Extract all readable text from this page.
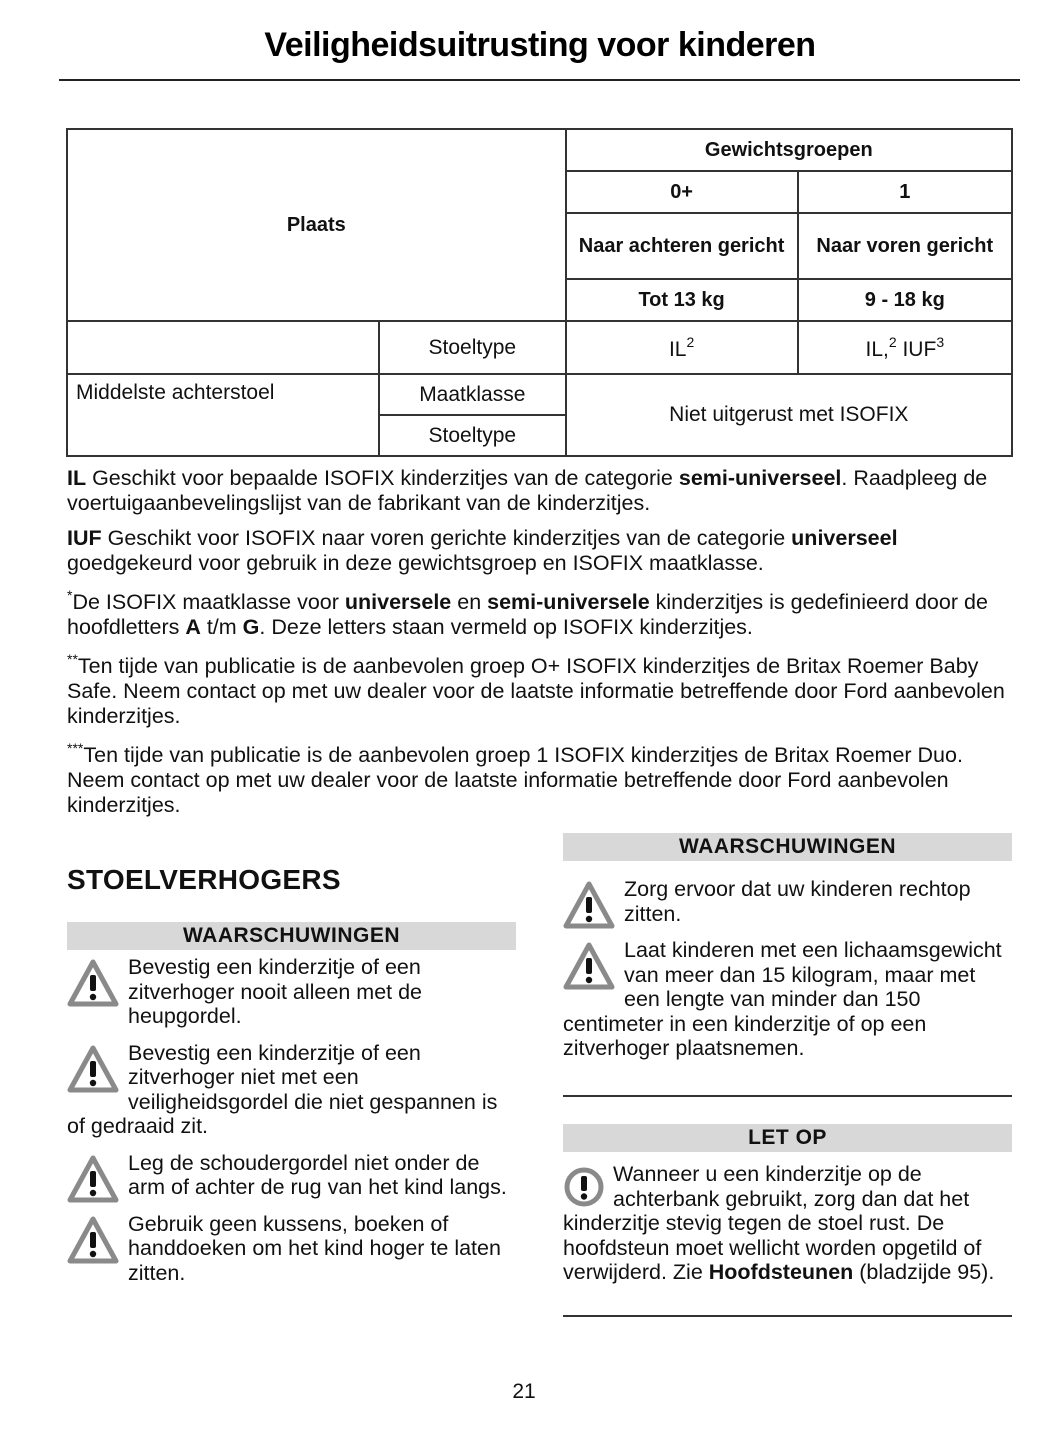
Veiligheidsuitrusting voor kinderen
Plaats		Gewichtsgroepen	
		0+	1
		Naar achteren gericht	Naar voren gericht
		Tot 13 kg	9 - 18 kg
	Stoeltype	$IL^2$	IL,$^2$ IUF$^3$
Middelste achterstoel	Maatklasse	Niet uitgerust met ISOFIX	
	Stoeltype		

IL Geschikt voor bepaalde ISOFIX kinderzitjes van de categorie semi-universeel. Raadpleeg de voertuigaanbevelingslijst van de fabrikant van de kinderzitjes.

IUF Geschikt voor ISOFIX naar voren gerichte kinderzitjes van de categorie universeel goedgekeurd voor gebruik in deze gewichtsgroep en ISOFIX maatklasse.

*De ISOFIX maatklasse voor universele en semi-universele kinderzitjes is gedefinieerd door de hoofdletters A t/m G. Deze letters staan vermeld op ISOFIX kinderzitjes.

**Ten tijde van publicatie is de aanbevolen groep O+ ISOFIX kinderzitjes de Britax Roemer Baby Safe. Neem contact op met uw dealer voor de laatste informatie betreffende door Ford aanbevolen kinderzitjes.

***Ten tijde van publicatie is de aanbevolen groep 1 ISOFIX kinderzitjes de Britax Roemer Duo. Neem contact op met uw dealer voor de laatste informatie betreffende door Ford aanbevolen kinderzitjes.

STOELVERHOGERS
WAARSCHUWINGEN
Bevestig een kinderzitje of een zitverhoger nooit alleen met de heupgordel.
Bevestig een kinderzitje of een zitverhoger niet met een veiligheidsgordel die niet gespannen is of gedraaid zit.
Leg de schoudergordel niet onder de arm of achter de rug van het kind langs.
Gebruik geen kussens, boeken of handdoeken om het kind hoger te laten zitten.
WAARSCHUWINGEN
Zorg ervoor dat uw kinderen rechtop zitten.
Laat kinderen met een lichaamsgewicht van meer dan 15 kilogram, maar met een lengte van minder dan 150 centimeter in een kinderzitje of op een zitverhoger plaatsnemen.
LET OP
Wanneer u een kinderzitje op de achterbank gebruikt, zorg dan dat het kinderzitje stevig tegen de stoel rust. De hoofdsteun moet wellicht worden opgetild of verwijderd. Zie Hoofdsteunen (bladzijde 95).
21
